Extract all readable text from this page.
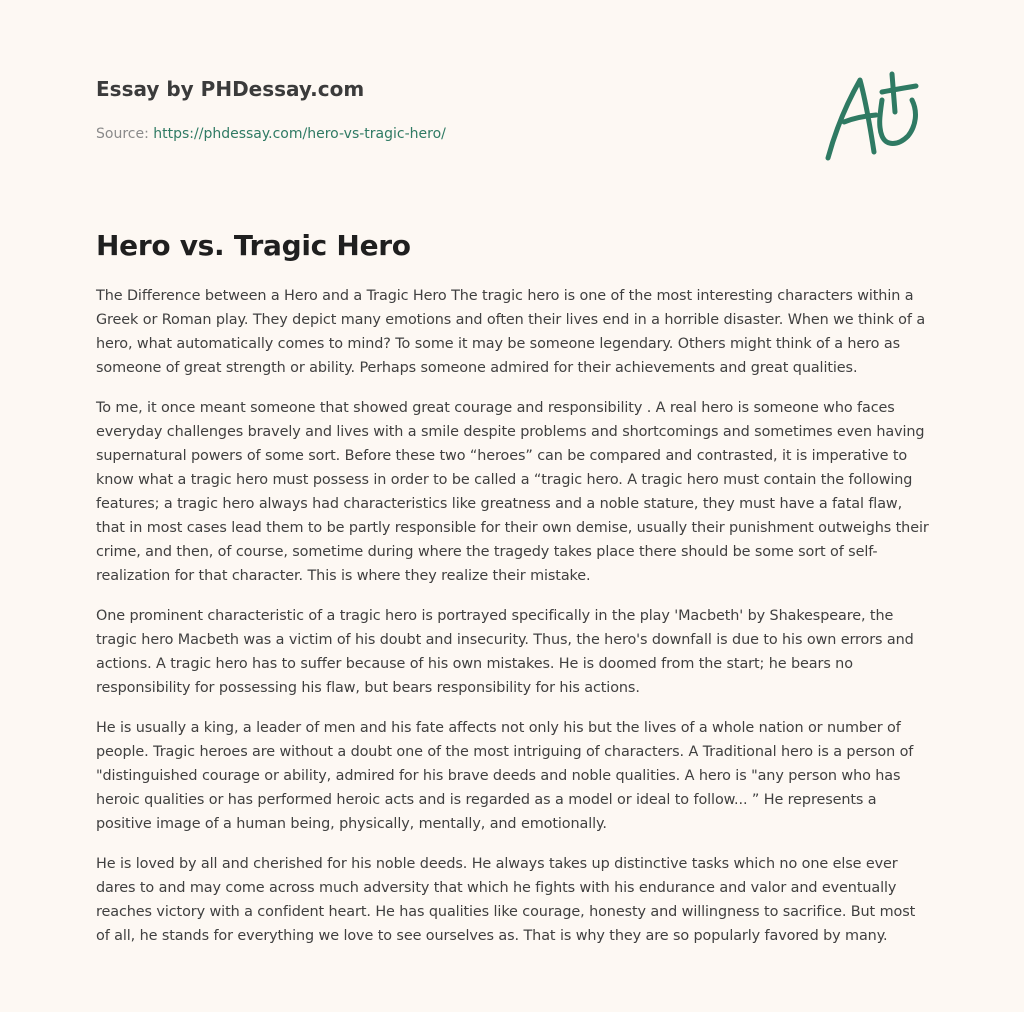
Essay by PHDessay.com
Source: https://phdessay.com/hero-vs-tragic-hero/
Hero vs. Tragic Hero

The Difference between a Hero and a Tragic Hero The tragic hero is one of the most interesting characters within a Greek or Roman play. They depict many emotions and often their lives end in a horrible disaster. When we think of a hero, what automatically comes to mind? To some it may be someone legendary. Others might think of a hero as someone of great strength or ability. Perhaps someone admired for their achievements and great qualities.

To me, it once meant someone that showed great courage and responsibility . A real hero is someone who faces everyday challenges bravely and lives with a smile despite problems and shortcomings and sometimes even having supernatural powers of some sort. Before these two “heroes” can be compared and contrasted, it is imperative to know what a tragic hero must possess in order to be called a “tragic hero. A tragic hero must contain the following features; a tragic hero always had characteristics like greatness and a noble stature, they must have a fatal flaw, that in most cases lead them to be partly responsible for their own demise, usually their punishment outweighs their crime, and then, of course, sometime during where the tragedy takes place there should be some sort of self-realization for that character. This is where they realize their mistake.

One prominent characteristic of a tragic hero is portrayed specifically in the play 'Macbeth' by Shakespeare, the tragic hero Macbeth was a victim of his doubt and insecurity. Thus, the hero's downfall is due to his own errors and actions. A tragic hero has to suffer because of his own mistakes. He is doomed from the start; he bears no responsibility for possessing his flaw, but bears responsibility for his actions.

He is usually a king, a leader of men and his fate affects not only his but the lives of a whole nation or number of people. Tragic heroes are without a doubt one of the most intriguing of characters. A Traditional hero is a person of "distinguished courage or ability, admired for his brave deeds and noble qualities. A hero is "any person who has heroic qualities or has performed heroic acts and is regarded as a model or ideal to follow... ” He represents a positive image of a human being, physically, mentally, and emotionally.

He is loved by all and cherished for his noble deeds. He always takes up distinctive tasks which no one else ever dares to and may come across much adversity that which he fights with his endurance and valor and eventually reaches victory with a confident heart. He has qualities like courage, honesty and willingness to sacrifice. But most of all, he stands for everything we love to see ourselves as. That is why they are so popularly favored by many.
